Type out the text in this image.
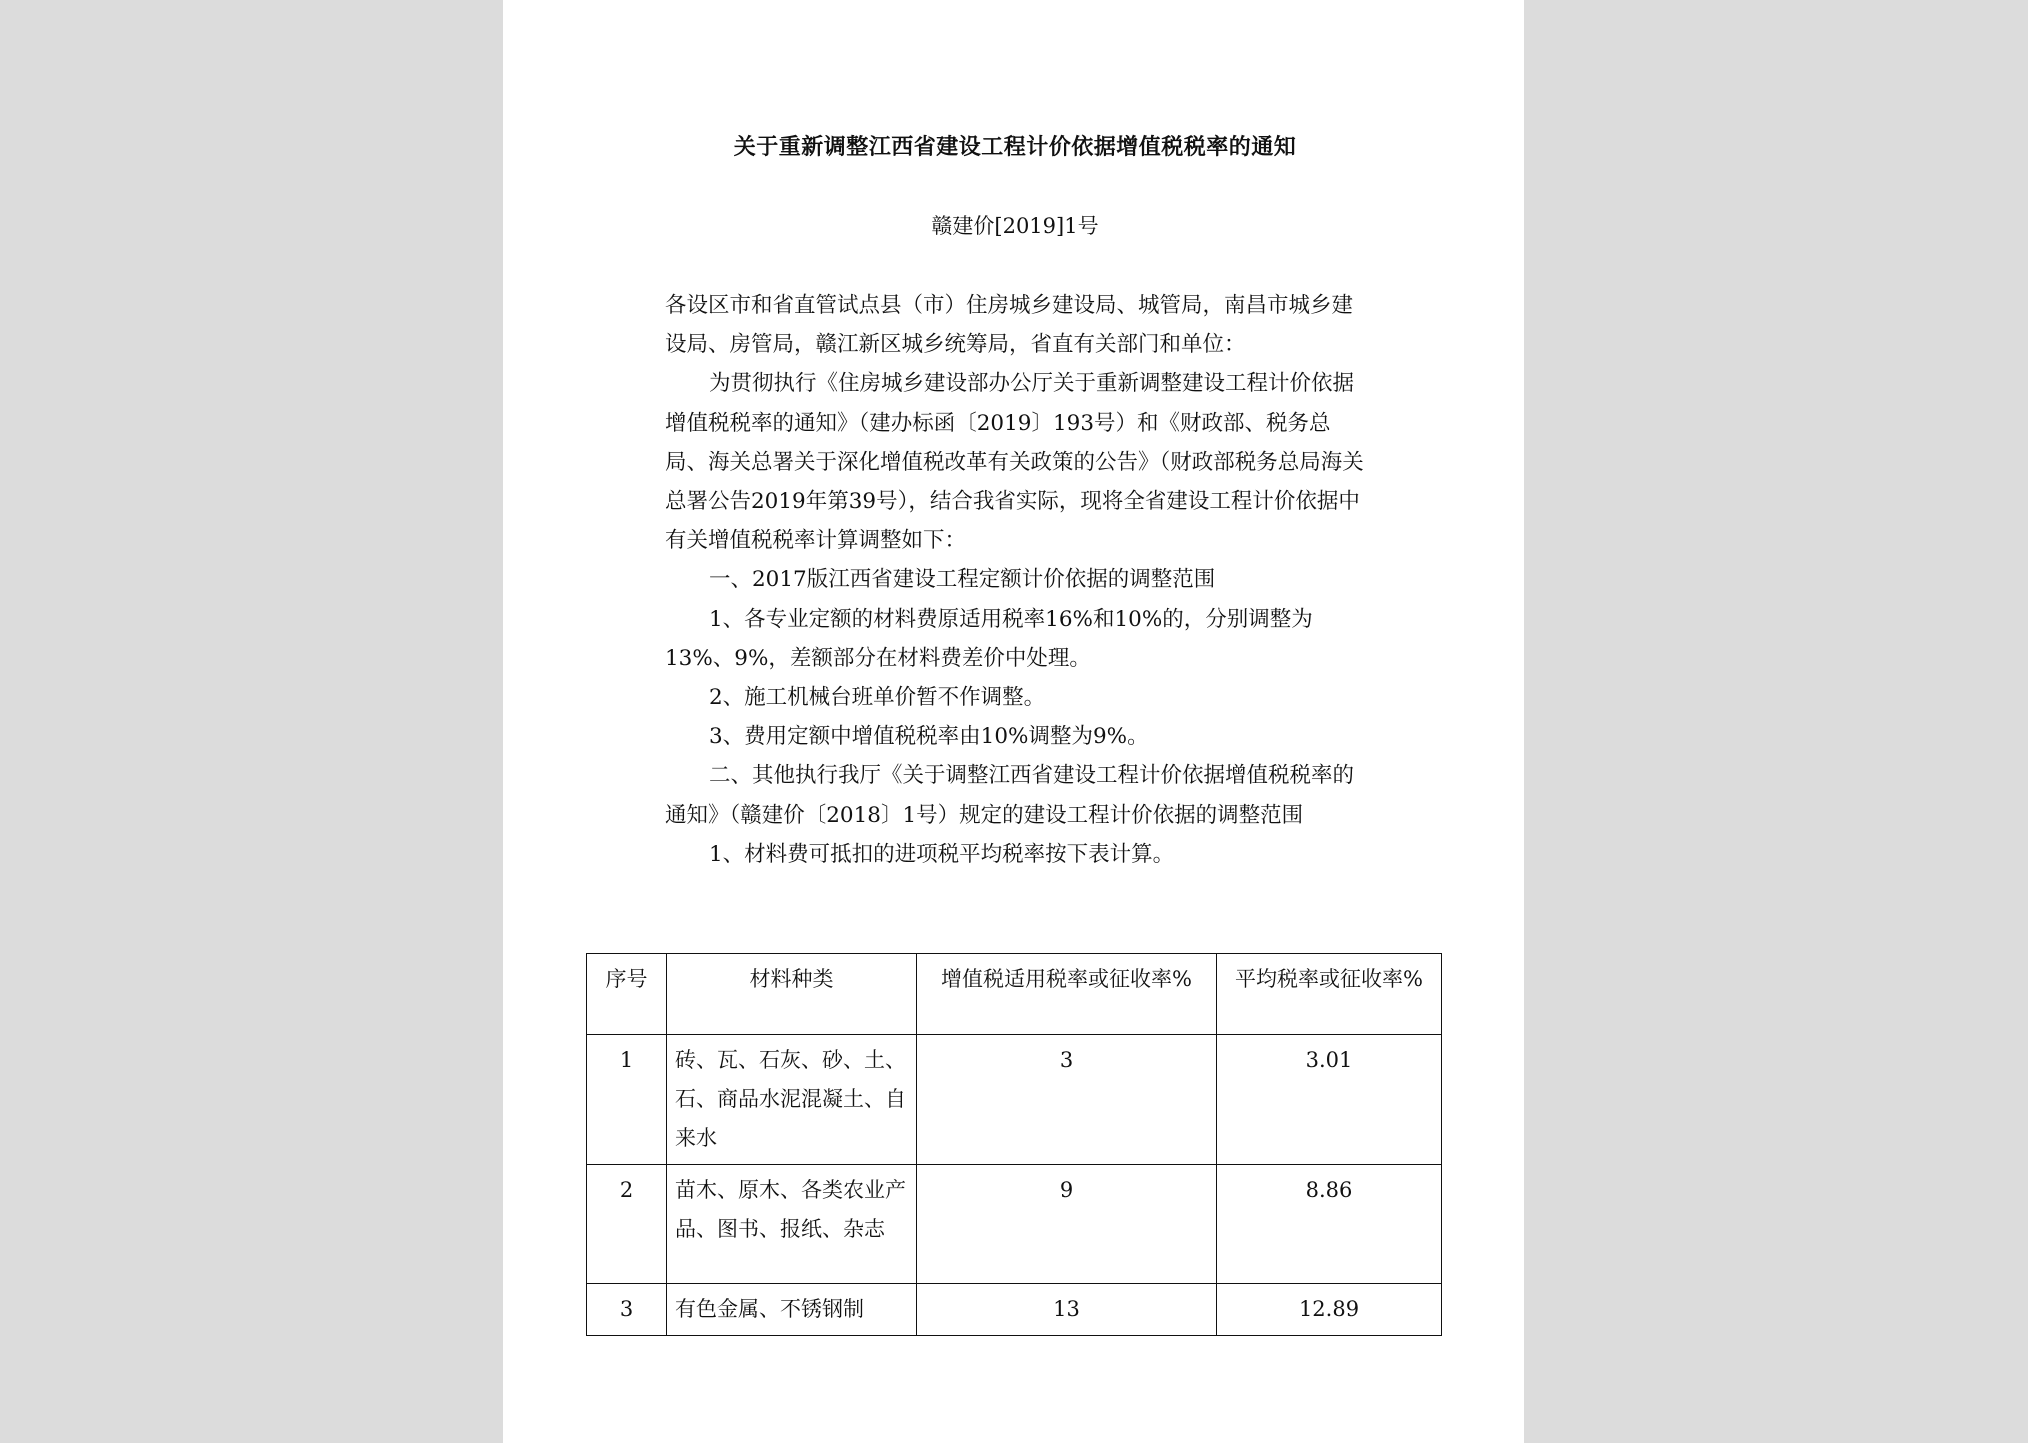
关于重新调整江西省建设工程计价依据增值税税率的通知
赣建价[2019]1号

各设区市和省直管试点县（市）住房城乡建设局、城管局，南昌市城乡建设局、房管局，赣江新区城乡统筹局，省直有关部门和单位：

为贯彻执行《住房城乡建设部办公厅关于重新调整建设工程计价依据增值税税率的通知》（建办标函〔2019〕193号）和《财政部、税务总局、海关总署关于深化增值税改革有关政策的公告》（财政部税务总局海关总署公告2019年第39号），结合我省实际，现将全省建设工程计价依据中有关增值税税率计算调整如下：

一、2017版江西省建设工程定额计价依据的调整范围

1、各专业定额的材料费原适用税率16%和10%的，分别调整为13%、9%，差额部分在材料费差价中处理。

2、施工机械台班单价暂不作调整。

3、费用定额中增值税税率由10%调整为9%。

二、其他执行我厅《关于调整江西省建设工程计价依据增值税税率的通知》（赣建价〔2018〕1号）规定的建设工程计价依据的调整范围

1、材料费可抵扣的进项税平均税率按下表计算。

序号	材料种类	增值税适用税率或征收率%	平均税率或征收率%
1	砖、瓦、石灰、砂、土、石、商品水泥混凝土、自来水	3	3.01
2	苗木、原木、各类农业产品、图书、报纸、杂志	9	8.86
3	有色金属、不锈钢制	13	12.89
